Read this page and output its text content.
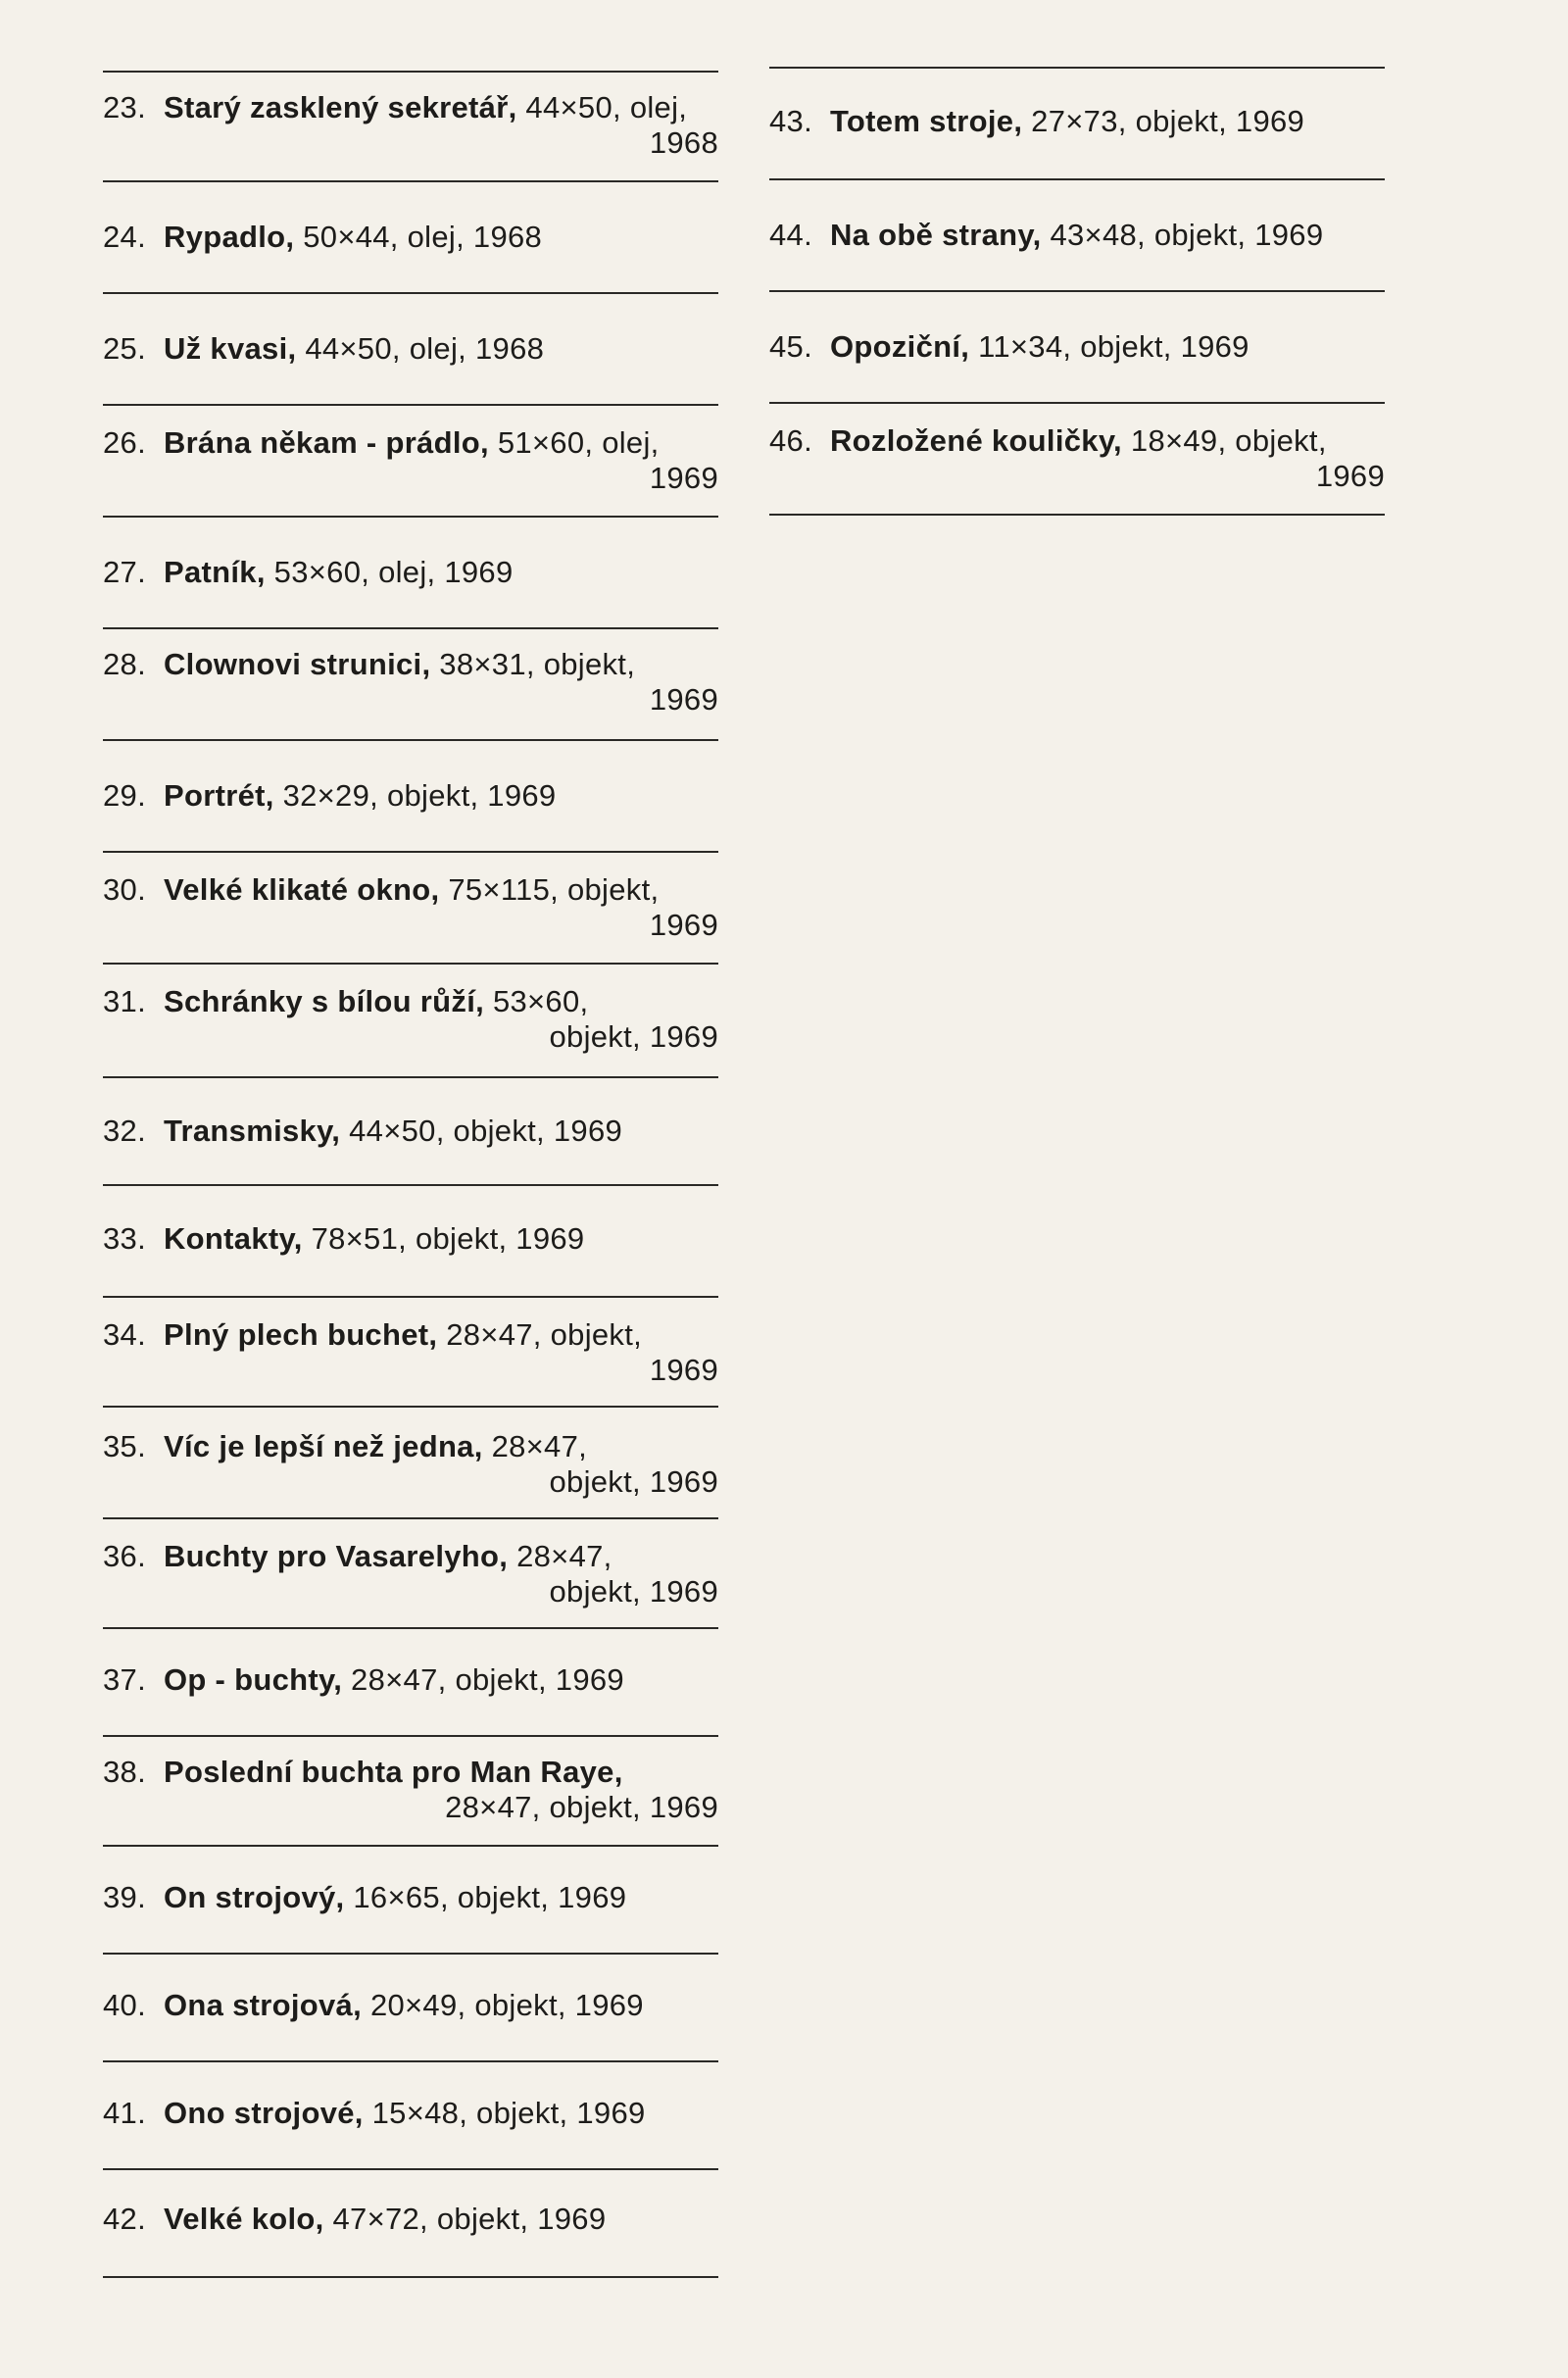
23. Starý zasklený sekretář, 44×50, olej,
1968
24. Rypadlo, 50×44, olej, 1968
25. Už kvasi, 44×50, olej, 1968
26. Brána někam - prádlo, 51×60, olej,
1969
27. Patník, 53×60, olej, 1969
28. Clownovi strunici, 38×31, objekt,
1969
29. Portrét, 32×29, objekt, 1969
30. Velké klikaté okno, 75×115, objekt,
1969
31. Schránky s bílou růží, 53×60,
objekt, 1969
32. Transmisky, 44×50, objekt, 1969
33. Kontakty, 78×51, objekt, 1969
34. Plný plech buchet, 28×47, objekt,
1969
35. Víc je lepší než jedna, 28×47,
objekt, 1969
36. Buchty pro Vasarelyho, 28×47,
objekt, 1969
37. Op - buchty, 28×47, objekt, 1969
38. Poslední buchta pro Man Raye,
28×47, objekt, 1969
39. On strojový, 16×65, objekt, 1969
40. Ona strojová, 20×49, objekt, 1969
41. Ono strojové, 15×48, objekt, 1969
42. Velké kolo, 47×72, objekt, 1969
43. Totem stroje, 27×73, objekt, 1969
44. Na obě strany, 43×48, objekt, 1969
45. Opoziční, 11×34, objekt, 1969
46. Rozložené kouličky, 18×49, objekt,
1969
